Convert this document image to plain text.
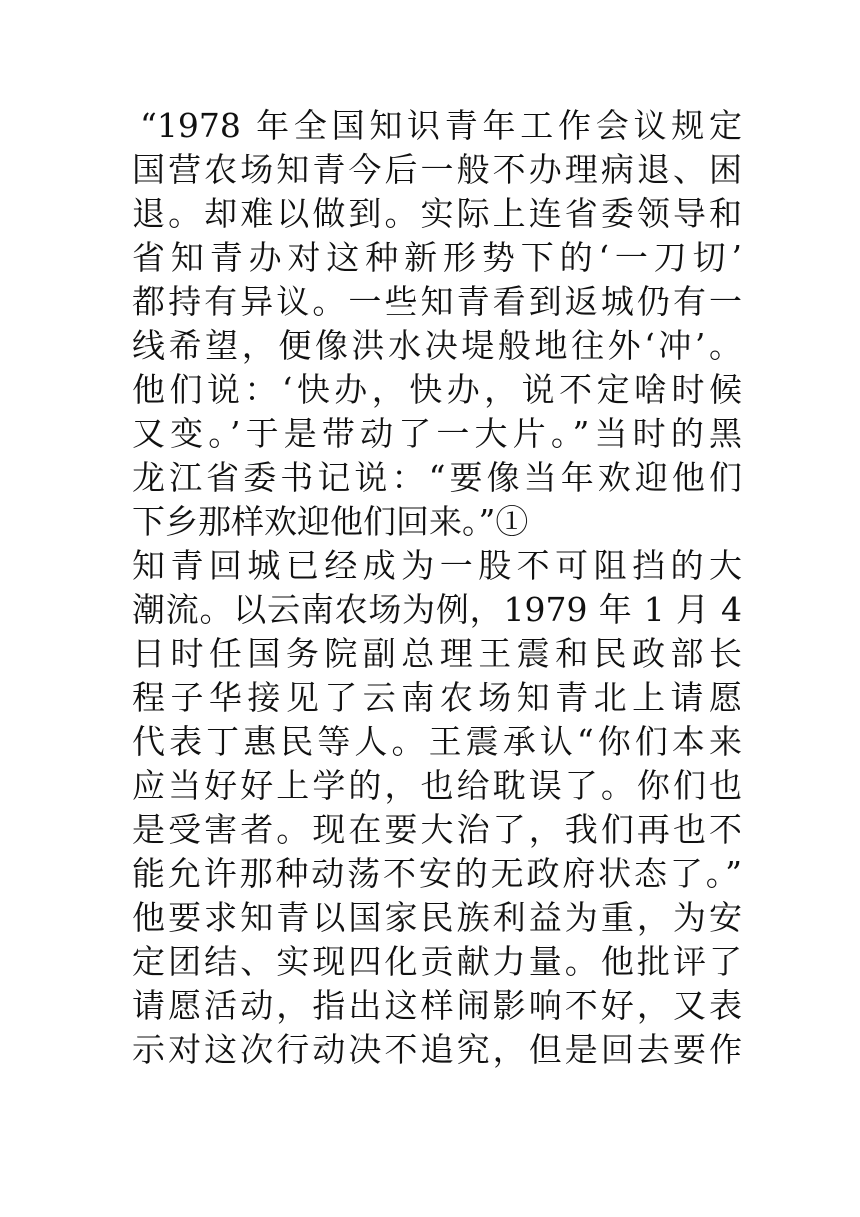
“1978 年全国知识青年工作会议规定
国营农场知青今后一般不办理病退、困
退。却难以做到。实际上连省委领导和
省知青办对这种新形势下的‘一刀切’
都持有异议。一些知青看到返城仍有一
线希望，便像洪水决堤般地往外‘冲’。
他们说：‘快办，快办，说不定啥时候
又变。’于是带动了一大片。”当时的黑
龙江省委书记说：“要像当年欢迎他们
下乡那样欢迎他们回来。”①
知青回城已经成为一股不可阻挡的大
潮流。以云南农场为例，1979 年 1 月 4
日时任国务院副总理王震和民政部长
程子华接见了云南农场知青北上请愿
代表丁惠民等人。王震承认“你们本来
应当好好上学的，也给耽误了。你们也
是受害者。现在要大治了，我们再也不
能允许那种动荡不安的无政府状态了。”
他要求知青以国家民族利益为重，为安
定团结、实现四化贡献力量。他批评了
请愿活动，指出这样闹影响不好，又表
示对这次行动决不追究，但是回去要作
